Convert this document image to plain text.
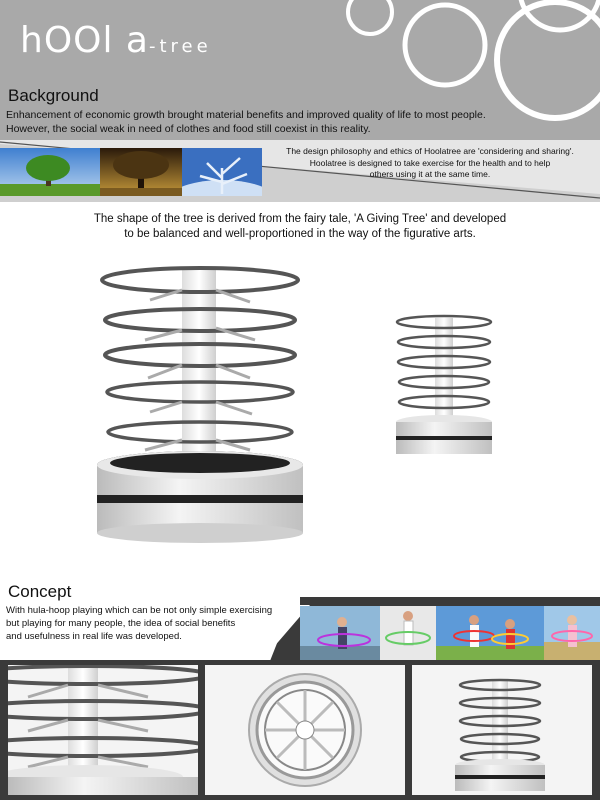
hOOl a-tree
Background
Enhancement of economic growth brought material benefits and improved quality of life to most people.
However, the social weak in need of clothes and food still coexist in this reality.
The design philosophy and ethics of Hoolatree are 'considering and sharing'.
Hoolatree is designed to take exercise for the health and to help
others using it at the same time.
The shape of the tree is derived from the fairy tale, 'A Giving Tree' and developed
to be balanced and well-proportioned in the way of the figurative arts.
Concept
With hula-hoop playing which can be not only simple exercising
but playing for many people, the idea of social benefits
and usefulness in real life was developed.
